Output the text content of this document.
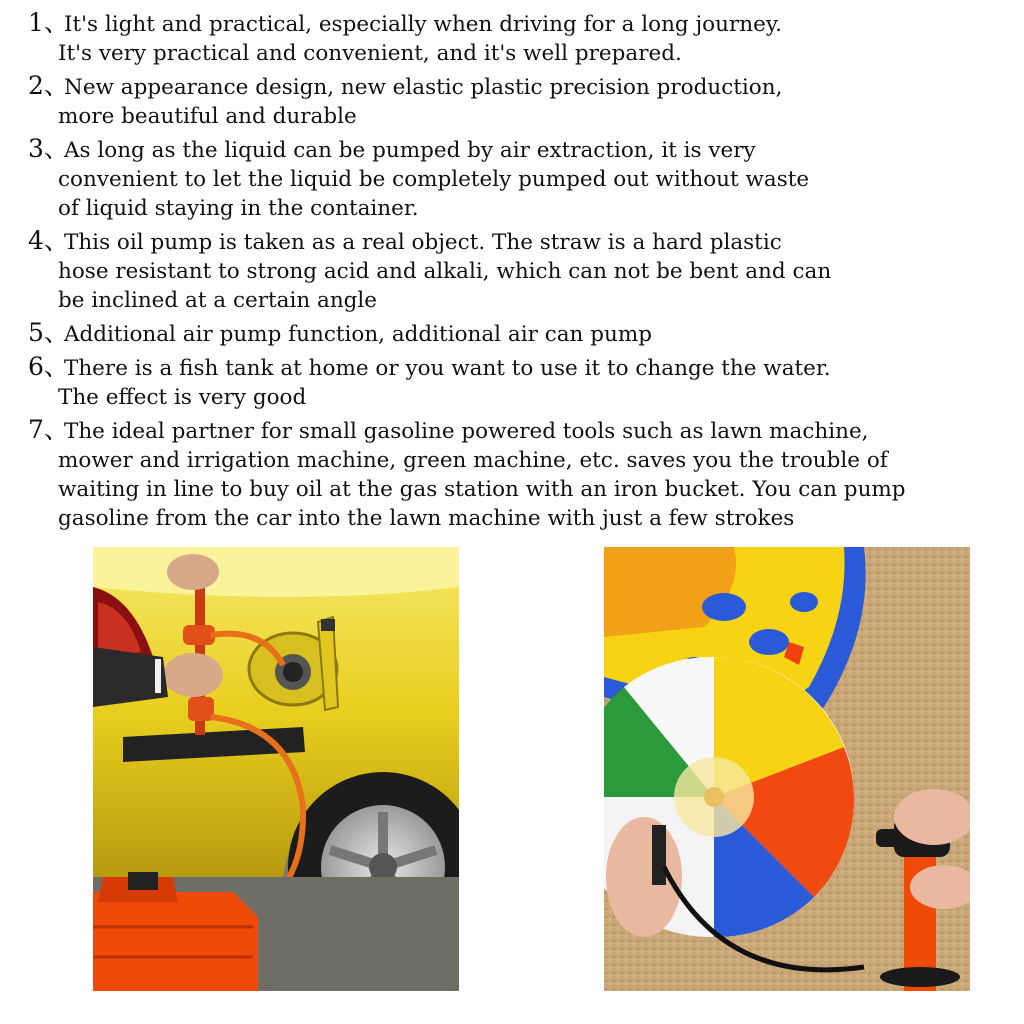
1、
It's light and practical, especially when driving for a long journey.
It's very practical and convenient, and it's well prepared.
2、
New appearance design, new elastic plastic precision production,
more beautiful and durable
3、
As long as the liquid can be pumped by air extraction, it is very
convenient to let the liquid be completely pumped out without waste
of liquid staying in the container.
4、
This oil pump is taken as a real object. The straw is a hard plastic
hose resistant to strong acid and alkali, which can not be bent and can
be inclined at a certain angle
5、
Additional air pump function, additional air can pump
6、
There is a fish tank at home or you want to use it to change the water.
The effect is very good
7、
The ideal partner for small gasoline powered tools such as lawn machine,
mower and irrigation machine, green machine, etc. saves you the trouble of
waiting in line to buy oil at the gas station with an iron bucket. You can pump
gasoline from the car into the lawn machine with just a few strokes
